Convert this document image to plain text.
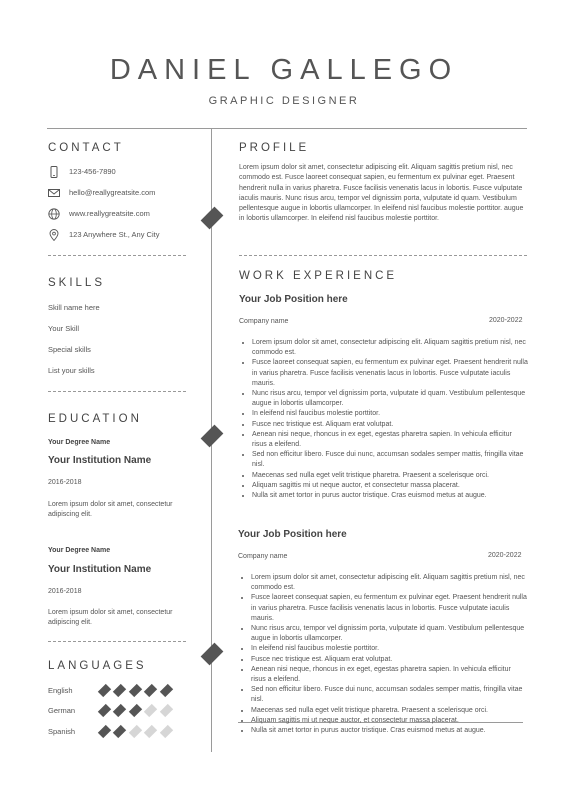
DANIEL GALLEGO
GRAPHIC DESIGNER
CONTACT
123-456-7890
hello@reallygreatsite.com
www.reallygreatsite.com
123 Anywhere St., Any City
SKILLS
Skill name here
Your Skill
Special skills
List your skills
EDUCATION
Your Degree Name
Your Institution Name
2016-2018
Lorem ipsum dolor sit amet, consectetur adipiscing elit.
Your Degree Name
Your Institution Name
2016-2018
Lorem ipsum dolor sit amet, consectetur adipiscing elit.
LANGUAGES
English
German
Spanish
PROFILE
Lorem ipsum dolor sit amet, consectetur adipiscing elit. Aliquam sagittis pretium nisl, nec commodo est. Fusce laoreet consequat sapien, eu fermentum ex pulvinar eget. Praesent hendrerit nulla in varius pharetra. Fusce facilisis venenatis lacus in lobortis. Fusce vulputate iaculis mauris. Nunc risus arcu, tempor vel dignissim porta, vulputate id quam. Vestibulum pellentesque augue in lobortis ullamcorper. In eleifend nisl faucibus molestie porttitor. augue in lobortis ullamcorper. In eleifend nisl faucibus molestie porttitor.
WORK EXPERIENCE
Your Job Position here
Company name	2020-2022
• Lorem ipsum dolor sit amet, consectetur adipiscing elit. Aliquam sagittis pretium nisl, nec commodo est.
• Fusce laoreet consequat sapien, eu fermentum ex pulvinar eget. Praesent hendrerit nulla in varius pharetra. Fusce facilisis venenatis lacus in lobortis. Fusce vulputate iaculis mauris.
• Nunc risus arcu, tempor vel dignissim porta, vulputate id quam. Vestibulum pellentesque augue in lobortis ullamcorper.
• In eleifend nisl faucibus molestie porttitor.
• Fusce nec tristique est. Aliquam erat volutpat.
• Aenean nisi neque, rhoncus in ex eget, egestas pharetra sapien. In vehicula efficitur risus a eleifend.
• Sed non efficitur libero. Fusce dui nunc, accumsan sodales semper mattis, fringilla vitae nisl.
• Maecenas sed nulla eget velit tristique pharetra. Praesent a scelerisque orci.
• Aliquam sagittis mi ut neque auctor, et consectetur massa placerat.
• Nulla sit amet tortor in purus auctor tristique. Cras euismod metus at augue.
Your Job Position here
Company name	2020-2022
• Lorem ipsum dolor sit amet, consectetur adipiscing elit. Aliquam sagittis pretium nisl, nec commodo est.
• Fusce laoreet consequat sapien, eu fermentum ex pulvinar eget. Praesent hendrerit nulla in varius pharetra. Fusce facilisis venenatis lacus in lobortis. Fusce vulputate iaculis mauris.
• Nunc risus arcu, tempor vel dignissim porta, vulputate id quam. Vestibulum pellentesque augue in lobortis ullamcorper.
• In eleifend nisl faucibus molestie porttitor.
• Fusce nec tristique est. Aliquam erat volutpat.
• Aenean nisi neque, rhoncus in ex eget, egestas pharetra sapien. In vehicula efficitur risus a eleifend.
• Sed non efficitur libero. Fusce dui nunc, accumsan sodales semper mattis, fringilla vitae nisl.
• Maecenas sed nulla eget velit tristique pharetra. Praesent a scelerisque orci.
• Aliquam sagittis mi ut neque auctor, et consectetur massa placerat.
• Nulla sit amet tortor in purus auctor tristique. Cras euismod metus at augue.
